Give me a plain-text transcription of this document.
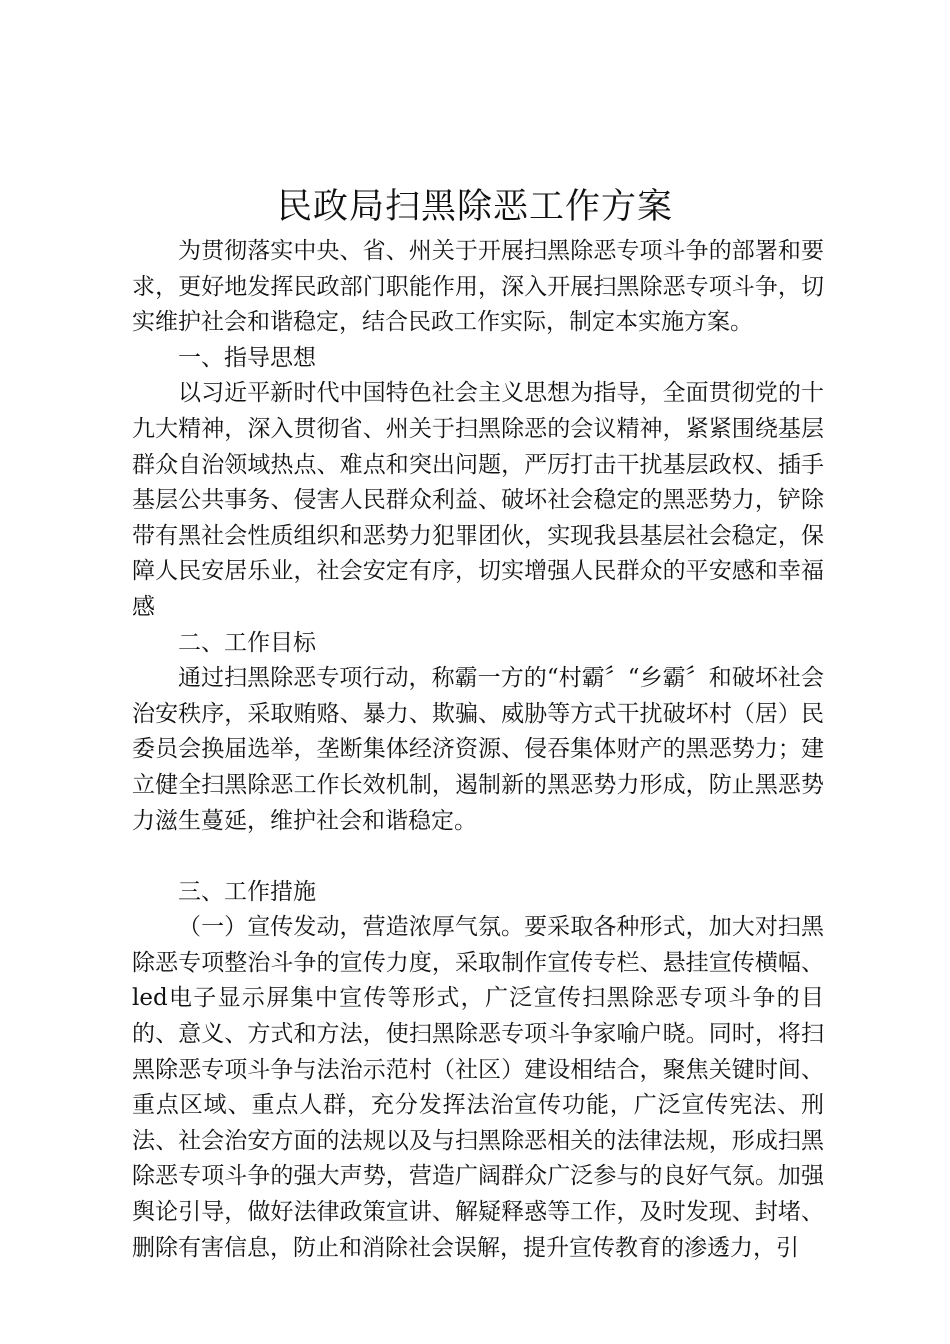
民政局扫黑除恶工作方案

为贯彻落实中央、省、州关于开展扫黑除恶专项斗争的部署和要求，更好地发挥民政部门职能作用，深入开展扫黑除恶专项斗争，切实维护社会和谐稳定，结合民政工作实际，制定本实施方案。

一、指导思想

以习近平新时代中国特色社会主义思想为指导，全面贯彻党的十九大精神，深入贯彻省、州关于扫黑除恶的会议精神，紧紧围绕基层群众自治领域热点、难点和突出问题，严厉打击干扰基层政权、插手基层公共事务、侵害人民群众利益、破坏社会稳定的黑恶势力，铲除带有黑社会性质组织和恶势力犯罪团伙，实现我县基层社会稳定，保障人民安居乐业，社会安定有序，切实增强人民群众的平安感和幸福感

二、工作目标

通过扫黑除恶专项行动，称霸一方的“村霸〞“乡霸〞和破坏社会治安秩序，采取贿赂、暴力、欺骗、威胁等方式干扰破坏村（居）民委员会换届选举，垄断集体经济资源、侵吞集体财产的黑恶势力；建立健全扫黑除恶工作长效机制，遏制新的黑恶势力形成，防止黑恶势力滋生蔓延，维护社会和谐稳定。

三、工作措施

（一）宣传发动，营造浓厚气氛。要采取各种形式，加大对扫黑除恶专项整治斗争的宣传力度，采取制作宣传专栏、悬挂宣传横幅、led电子显示屏集中宣传等形式，广泛宣传扫黑除恶专项斗争的目的、意义、方式和方法，使扫黑除恶专项斗争家喻户晓。同时，将扫黑除恶专项斗争与法治示范村（社区）建设相结合，聚焦关键时间、重点区域、重点人群，充分发挥法治宣传功能，广泛宣传宪法、刑法、社会治安方面的法规以及与扫黑除恶相关的法律法规，形成扫黑除恶专项斗争的强大声势，营造广阔群众广泛参与的良好气氛。加强舆论引导，做好法律政策宣讲、解疑释惑等工作，及时发现、封堵、删除有害信息，防止和消除社会误解，提升宣传教育的渗透力，引
